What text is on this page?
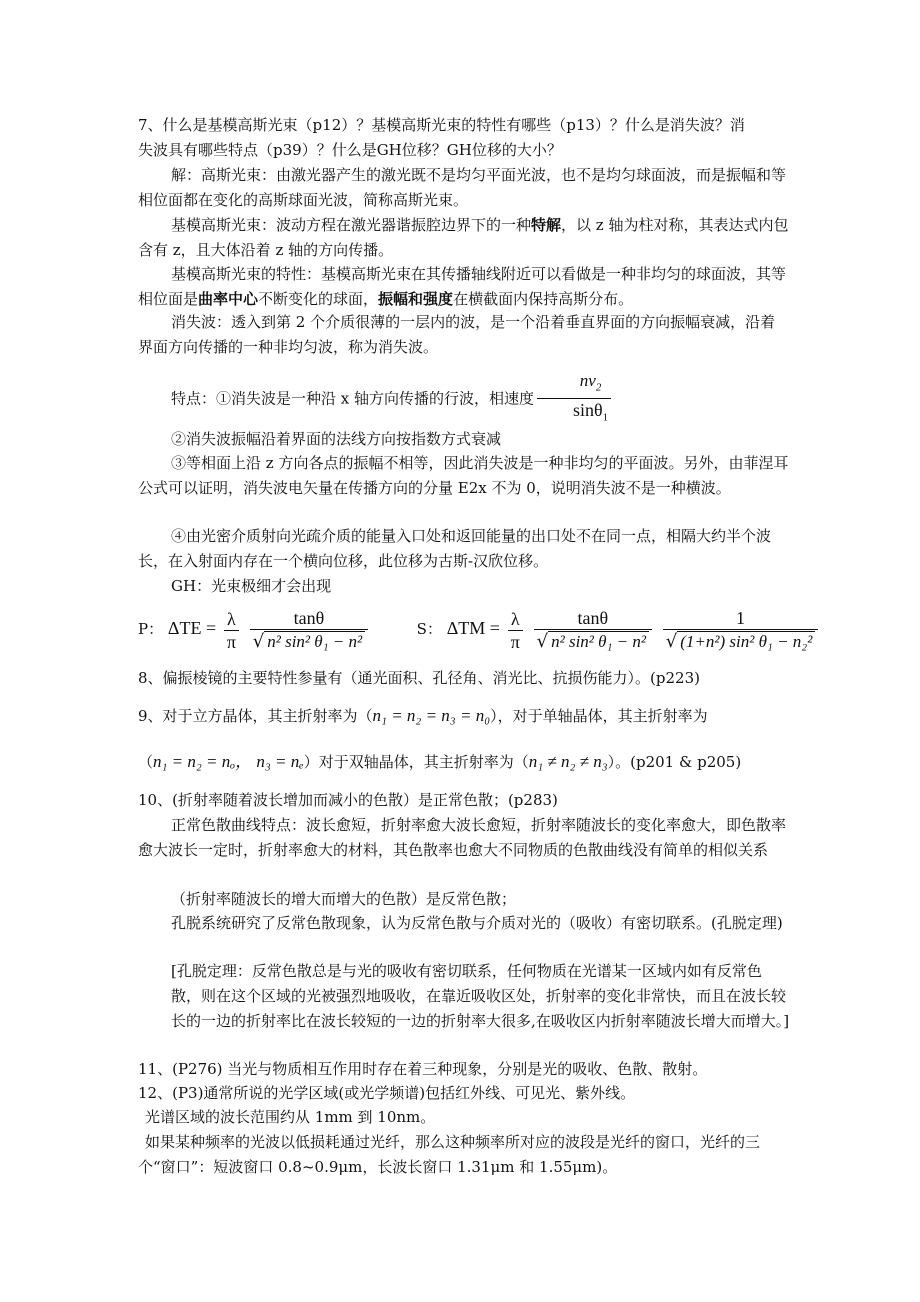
7、什么是基模高斯光束（p12）？基模高斯光束的特性有哪些（p13）？什么是消失波？消
失波具有哪些特点（p39）？什么是GH位移？GH位移的大小？

解：高斯光束：由激光器产生的激光既不是均匀平面光波，也不是均匀球面波，而是振幅和等相位面都在变化的高斯球面光波，简称高斯光束。

基模高斯光束：波动方程在激光器谐振腔边界下的一种特解，以 z 轴为柱对称，其表达式内包含有 z，且大体沿着 z 轴的方向传播。

基模高斯光束的特性：基模高斯光束在其传播轴线附近可以看做是一种非均匀的球面波，其等相位面是曲率中心不断变化的球面，振幅和强度在横截面内保持高斯分布。

消失波：透入到第 2 个介质很薄的一层内的波，是一个沿着垂直界面的方向振幅衰减，沿着界面方向传播的一种非均匀波，称为消失波。

特点：①消失波是一种沿 x 轴方向传播的行波，相速度 $\frac{nv_2}{\sin\theta_1}$

②消失波振幅沿着界面的法线方向按指数方式衰减

③等相面上沿 z 方向各点的振幅不相等，因此消失波是一种非均匀的平面波。另外，由菲涅耳公式可以证明，消失波电矢量在传播方向的分量 E2x 不为 0，说明消失波不是一种横波。

④由光密介质射向光疏介质的能量入口处和返回能量的出口处不在同一点，相隔大约半个波长，在入射面内存在一个横向位移，此位移为古斯-汉欣位移。

GH：光束极细才会出现

P： $\Delta TE = \frac{\lambda}{\pi}$
$\frac{\tan\theta}{\text{√ n² sin² θ₁ − n²}}$	S： $\Delta TM = \frac{\lambda}{\pi}$
$\frac{\tan\theta}{\text{√ n² sin² θ₁ − n²}}$
$\frac{1}{\text{√ (1+n²) sin² θ₁ − n₂²}}$

8、偏振棱镜的主要特性参量有（通光面积、孔径角、消光比、抗损伤能力）。(p223)

9、对于立方晶体，其主折射率为（n₁ = n₂ = n₃ = n₀），对于单轴晶体，其主折射率为

（n₁ = n₂ = nₒ， n₃ = nₑ）对于双轴晶体，其主折射率为（n₁ ≠ n₂ ≠ n₃）。(p201 & p205)

10、(折射率随着波长增加而减小的色散）是正常色散；(p283)

正常色散曲线特点：波长愈短，折射率愈大波长愈短，折射率随波长的变化率愈大，即色散率愈大波长一定时，折射率愈大的材料，其色散率也愈大不同物质的色散曲线没有简单的相似关系

（折射率随波长的增大而增大的色散）是反常色散；

孔脱系统研究了反常色散现象，认为反常色散与介质对光的（吸收）有密切联系。(孔脱定理)

[孔脱定理：反常色散总是与光的吸收有密切联系，任何物质在光谱某一区域内如有反常色散，则在这个区域的光被强烈地吸收，在靠近吸收区处，折射率的变化非常快，而且在波长较长的一边的折射率比在波长较短的一边的折射率大很多,在吸收区内折射率随波长增大而增大。]

11、(P276) 当光与物质相互作用时存在着三种现象，分别是光的吸收、色散、散射。

12、(P3)通常所说的光学区域(或光学频谱)包括红外线、可见光、紫外线。

光谱区域的波长范围约从 1mm 到 10nm。

如果某种频率的光波以低损耗通过光纤，那么这种频率所对应的波段是光纤的窗口，光纤的三个“窗口”：短波窗口 0.8~0.9μm，长波长窗口 1.31μm 和 1.55μm)。
